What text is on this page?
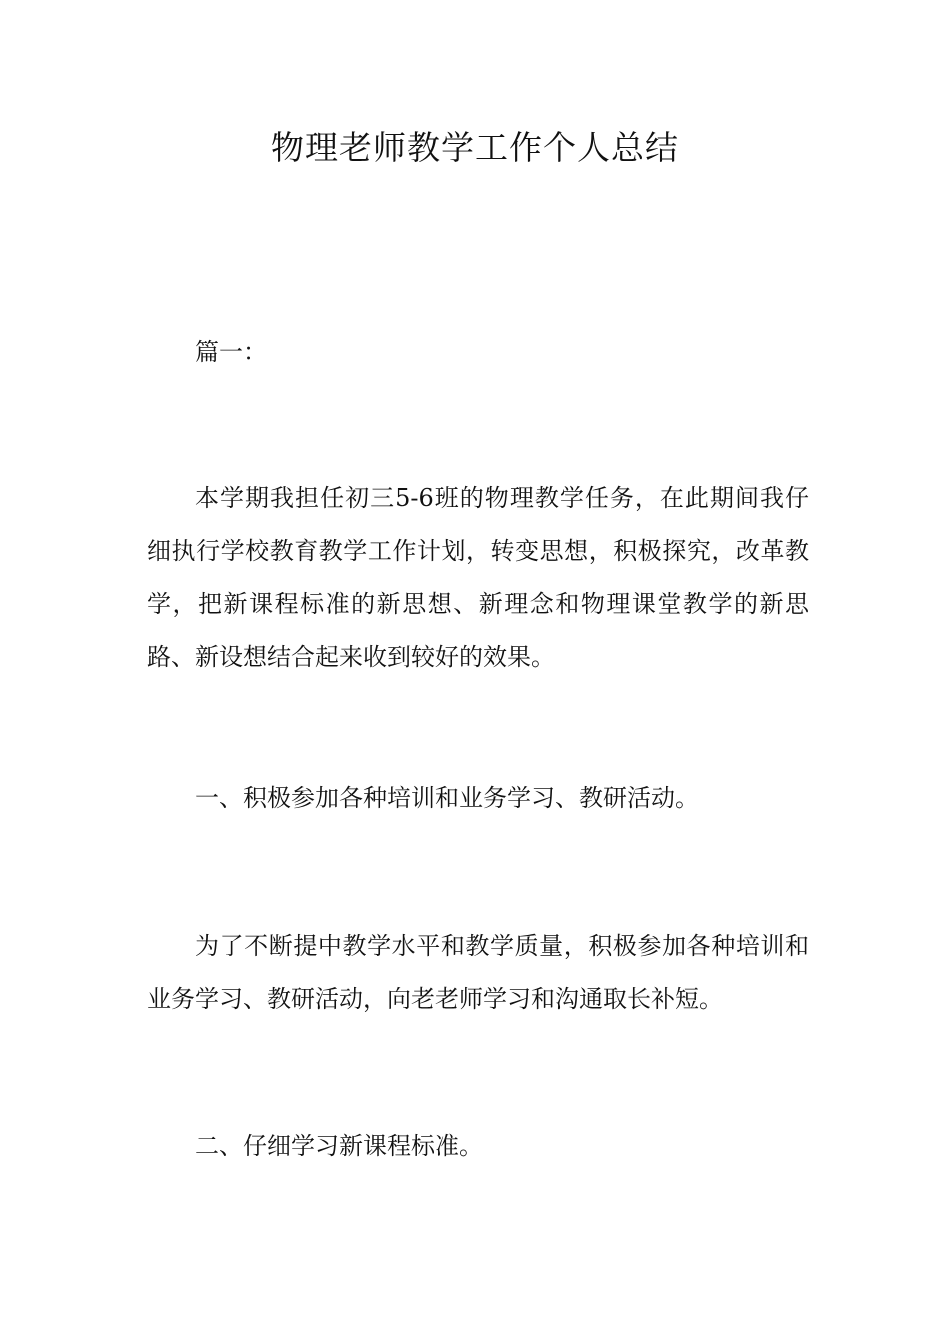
物理老师教学工作个人总结

篇一：

本学期我担任初三5-6班的物理教学任务，在此期间我仔细执行学校教育教学工作计划，转变思想，积极探究，改革教学，把新课程标准的新思想、新理念和物理课堂教学的新思路、新设想结合起来收到较好的效果。

一、积极参加各种培训和业务学习、教研活动。

为了不断提中教学水平和教学质量，积极参加各种培训和业务学习、教研活动，向老老师学习和沟通取长补短。

二、仔细学习新课程标准。
